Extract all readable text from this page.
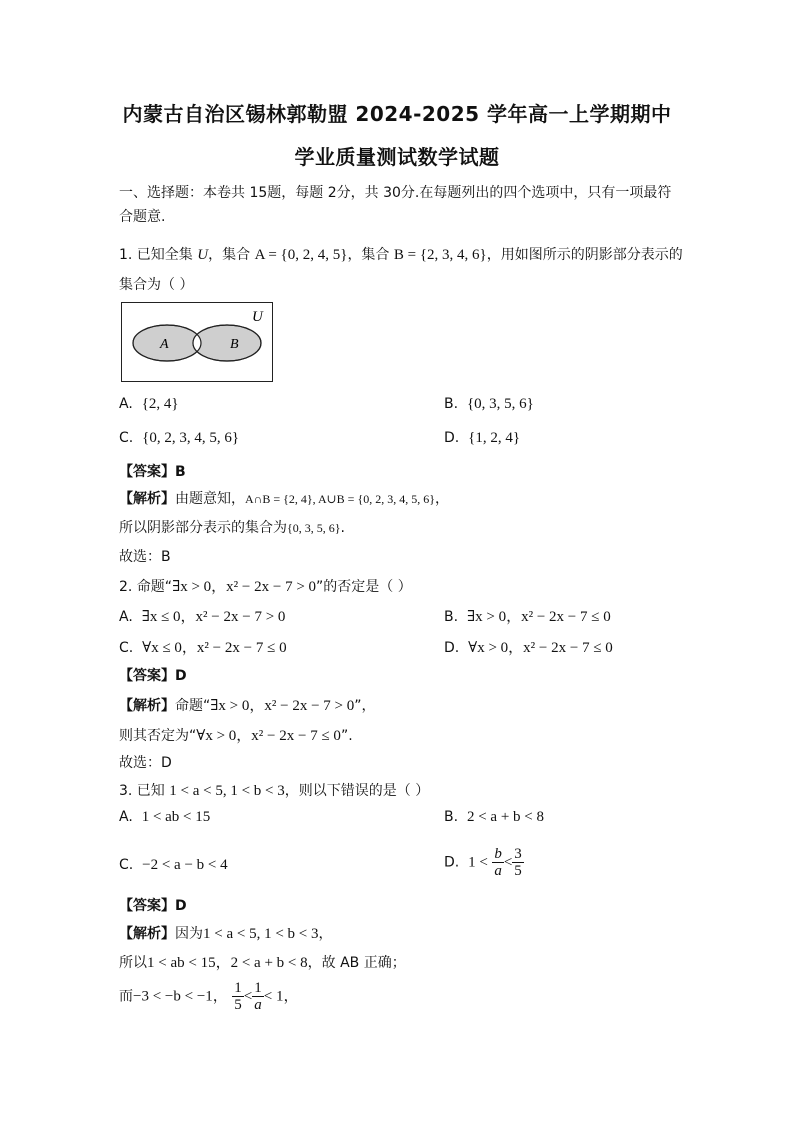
内蒙古自治区锡林郭勒盟 2024-2025 学年高一上学期期中
学业质量测试数学试题
一、选择题：本卷共 15题，每题 2分，共 30分.在每题列出的四个选项中，只有一项最符
合题意.
1. 已知全集 U，集合 A = {0, 2, 4, 5}，集合 B = {2, 3, 4, 6}，用如图所示的阴影部分表示的
集合为（ ）
U
A	B
A. {2, 4}	B. {0, 3, 5, 6}
C. {0, 2, 3, 4, 5, 6}	D. {1, 2, 4}
【答案】B
【解析】由题意知，A∩B = {2, 4}, A∪B = {0, 2, 3, 4, 5, 6}，
所以阴影部分表示的集合为{0, 3, 5, 6}.
故选：B
2. 命题“∃x > 0，x² − 2x − 7 > 0”的否定是（ ）
A. ∃x ≤ 0，x² − 2x − 7 > 0	B. ∃x > 0，x² − 2x − 7 ≤ 0
C. ∀x ≤ 0，x² − 2x − 7 ≤ 0	D. ∀x > 0，x² − 2x − 7 ≤ 0
【答案】D
【解析】命题“∃x > 0，x² − 2x − 7 > 0”，
则其否定为“∀x > 0，x² − 2x − 7 ≤ 0”.
故选：D
3. 已知 1 < a < 5, 1 < b < 3，则以下错误的是（ ）
A. 1 < ab < 15	B. 2 < a + b < 8
C. −2 < a − b < 4	D. $1 < \frac{b}{a} < \frac{3}{5}$
【答案】D
【解析】因为1 < a < 5, 1 < b < 3，
所以1 < ab < 15，2 < a + b < 8，故 AB 正确；
而−3 < −b < −1， $\frac{1}{5} < \frac{1}{a} < 1$，
